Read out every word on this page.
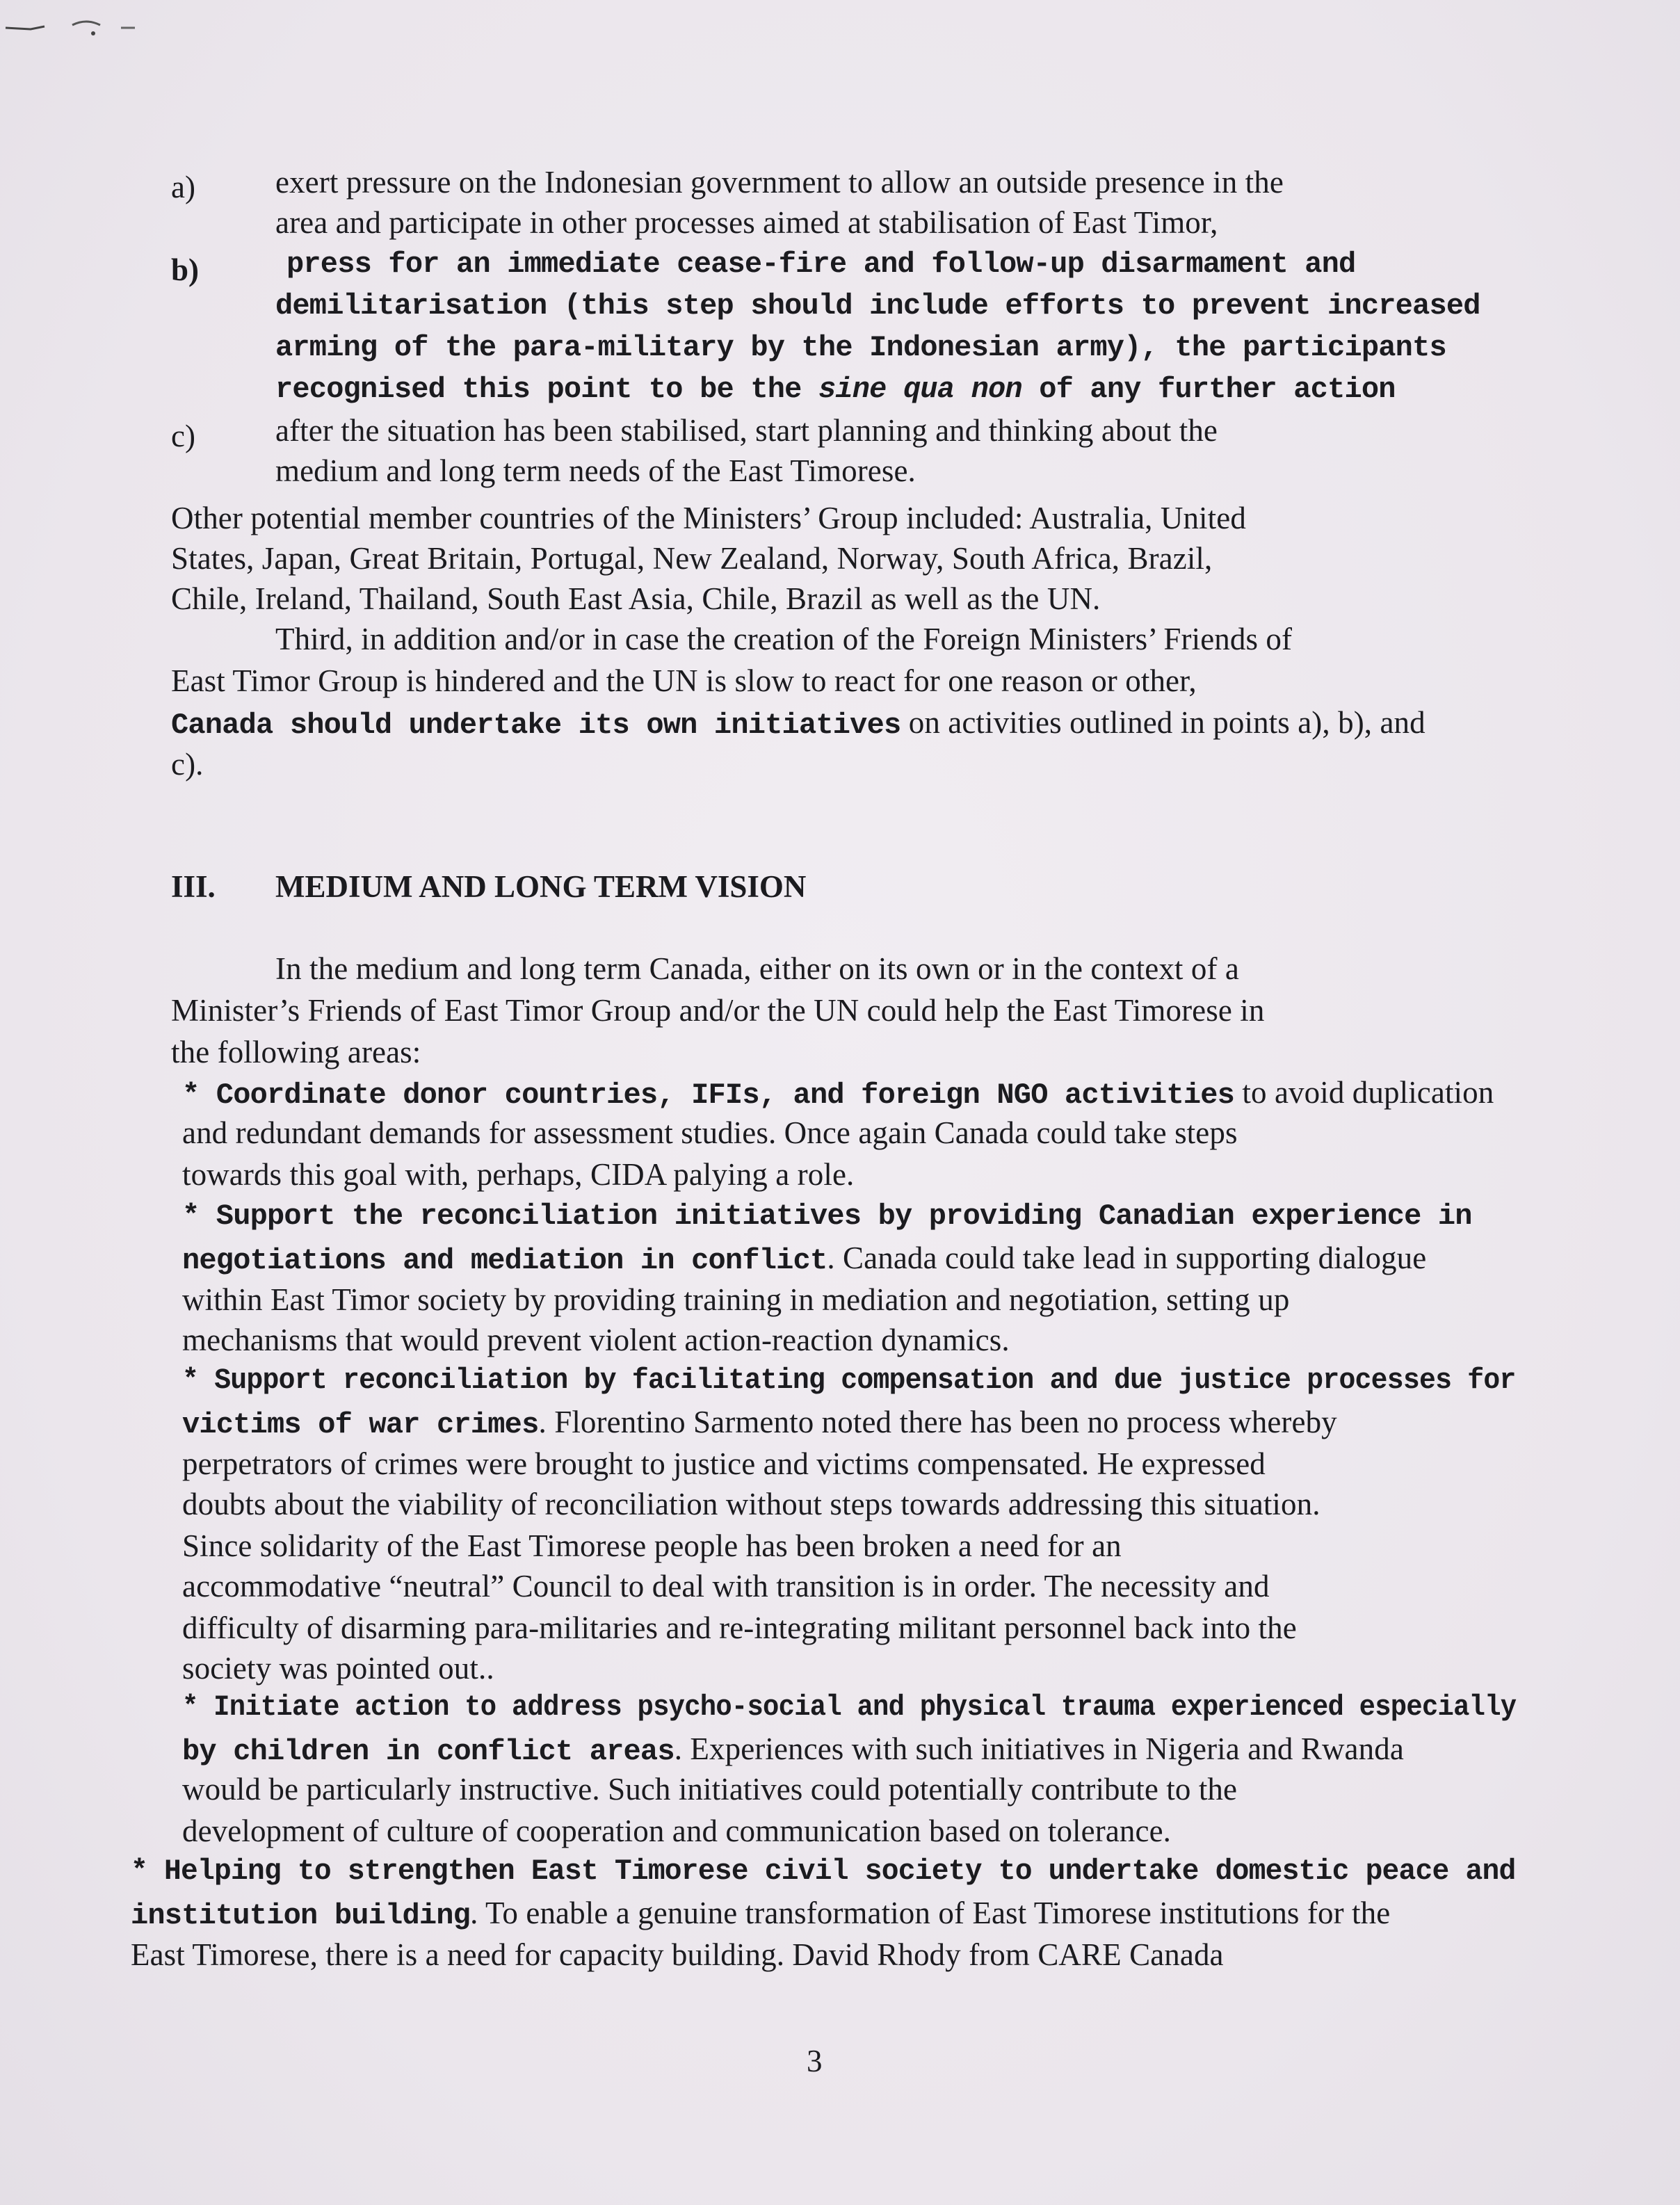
a)	exert pressure on the Indonesian government to allow an outside presence in the
area and participate in other processes aimed at stabilisation of East Timor,
b)	press for an immediate cease-fire and follow-up disarmament and
demilitarisation (this step should include efforts to prevent increased
arming of the para-military by the Indonesian army), the participants
recognised this point to be the sine qua non of any further action
c)	after the situation has been stabilised, start planning and thinking about the
medium and long term needs of the East Timorese.
Other potential member countries of the Ministers’ Group included: Australia, United
States, Japan, Great Britain, Portugal, New Zealand, Norway, South Africa, Brazil,
Chile, Ireland, Thailand, South East Asia, Chile, Brazil as well as the UN.
Third, in addition and/or in case the creation of the Foreign Ministers’ Friends of
East Timor Group is hindered and the UN is slow to react for one reason or other,
Canada should undertake its own initiatives on activities outlined in points a), b), and
c).
III. MEDIUM AND LONG TERM VISION
In the medium and long term Canada, either on its own or in the context of a
Minister’s Friends of East Timor Group and/or the UN could help the East Timorese in
the following areas:
* Coordinate donor countries, IFIs, and foreign NGO activities to avoid duplication
and redundant demands for assessment studies. Once again Canada could take steps
towards this goal with, perhaps, CIDA palying a role.
* Support the reconciliation initiatives by providing Canadian experience in
negotiations and mediation in conflict. Canada could take lead in supporting dialogue
within East Timor society by providing training in mediation and negotiation, setting up
mechanisms that would prevent violent action-reaction dynamics.
* Support reconciliation by facilitating compensation and due justice processes for
victims of war crimes. Florentino Sarmento noted there has been no process whereby
perpetrators of crimes were brought to justice and victims compensated. He expressed
doubts about the viability of reconciliation without steps towards addressing this situation.
Since solidarity of the East Timorese people has been broken a need for an
accommodative “neutral” Council to deal with transition is in order. The necessity and
difficulty of disarming para-militaries and re-integrating militant personnel back into the
society was pointed out..
* Initiate action to address psycho-social and physical trauma experienced especially
by children in conflict areas. Experiences with such initiatives in Nigeria and Rwanda
would be particularly instructive. Such initiatives could potentially contribute to the
development of culture of cooperation and communication based on tolerance.
* Helping to strengthen East Timorese civil society to undertake domestic peace and
institution building. To enable a genuine transformation of East Timorese institutions for the
East Timorese, there is a need for capacity building. David Rhody from CARE Canada
3
